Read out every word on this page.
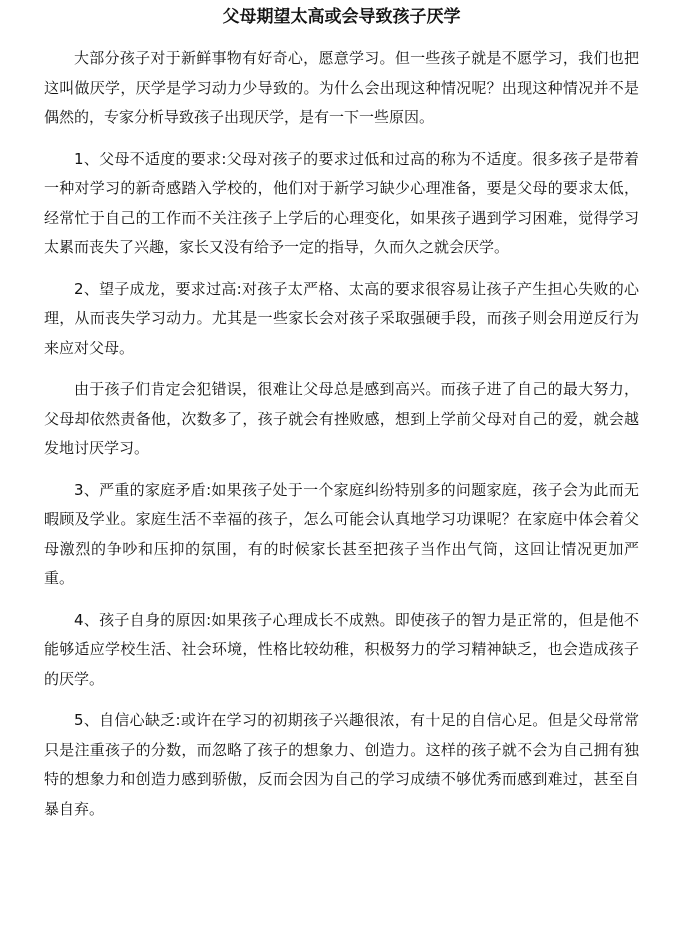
父母期望太高或会导致孩子厌学

大部分孩子对于新鲜事物有好奇心，愿意学习。但一些孩子就是不愿学习，我们也把这叫做厌学，厌学是学习动力少导致的。为什么会出现这种情况呢？出现这种情况并不是偶然的，专家分析导致孩子出现厌学，是有一下一些原因。

1、父母不适度的要求:父母对孩子的要求过低和过高的称为不适度。很多孩子是带着一种对学习的新奇感踏入学校的，他们对于新学习缺少心理准备，要是父母的要求太低，经常忙于自己的工作而不关注孩子上学后的心理变化，如果孩子遇到学习困难，觉得学习太累而丧失了兴趣，家长又没有给予一定的指导，久而久之就会厌学。

2、望子成龙，要求过高:对孩子太严格、太高的要求很容易让孩子产生担心失败的心理，从而丧失学习动力。尤其是一些家长会对孩子采取强硬手段，而孩子则会用逆反行为来应对父母。

由于孩子们肯定会犯错误，很难让父母总是感到高兴。而孩子进了自己的最大努力，父母却依然责备他，次数多了，孩子就会有挫败感，想到上学前父母对自己的爱，就会越发地讨厌学习。

3、严重的家庭矛盾:如果孩子处于一个家庭纠纷特别多的问题家庭，孩子会为此而无暇顾及学业。家庭生活不幸福的孩子，怎么可能会认真地学习功课呢？在家庭中体会着父母激烈的争吵和压抑的氛围，有的时候家长甚至把孩子当作出气筒，这回让情况更加严重。

4、孩子自身的原因:如果孩子心理成长不成熟。即使孩子的智力是正常的，但是他不能够适应学校生活、社会环境，性格比较幼稚，积极努力的学习精神缺乏，也会造成孩子的厌学。

5、自信心缺乏:或许在学习的初期孩子兴趣很浓，有十足的自信心足。但是父母常常只是注重孩子的分数，而忽略了孩子的想象力、创造力。这样的孩子就不会为自己拥有独特的想象力和创造力感到骄傲，反而会因为自己的学习成绩不够优秀而感到难过，甚至自暴自弃。
